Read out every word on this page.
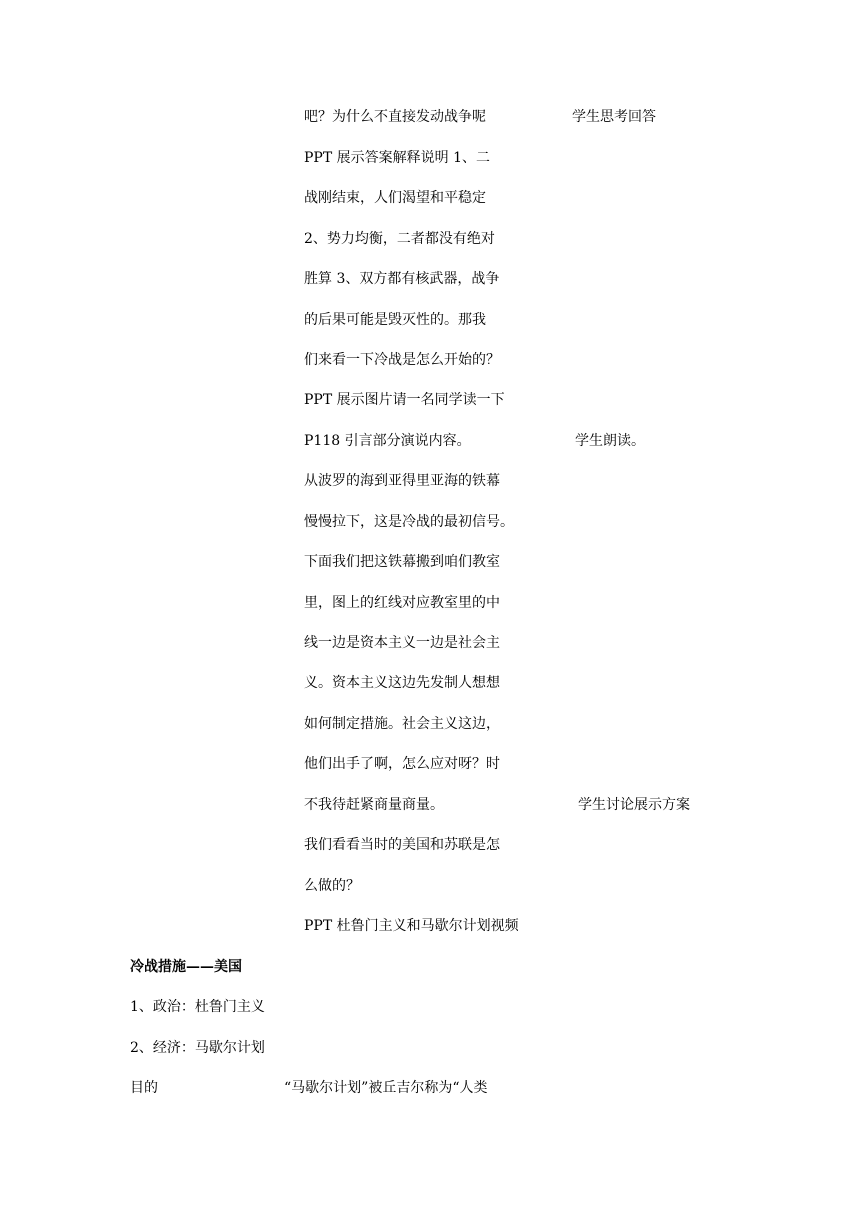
吧？为什么不直接发动战争呢
PPT 展示答案解释说明 1、二
战刚结束，人们渴望和平稳定
2、势力均衡，二者都没有绝对
胜算 3、双方都有核武器，战争
的后果可能是毁灭性的。那我
们来看一下冷战是怎么开始的？
PPT 展示图片请一名同学读一下
P118 引言部分演说内容。
从波罗的海到亚得里亚海的铁幕
慢慢拉下，这是冷战的最初信号。
下面我们把这铁幕搬到咱们教室
里，图上的红线对应教室里的中
线一边是资本主义一边是社会主
义。资本主义这边先发制人想想
如何制定措施。社会主义这边，
他们出手了啊，怎么应对呀？时
不我待赶紧商量商量。
我们看看当时的美国和苏联是怎
么做的？
PPT 杜鲁门主义和马歇尔计划视频
学生思考回答
学生朗读。
学生讨论展示方案
冷战措施——美国
1、政治：杜鲁门主义
2、经济：马歇尔计划
目的	“马歇尔计划”被丘吉尔称为“人类
